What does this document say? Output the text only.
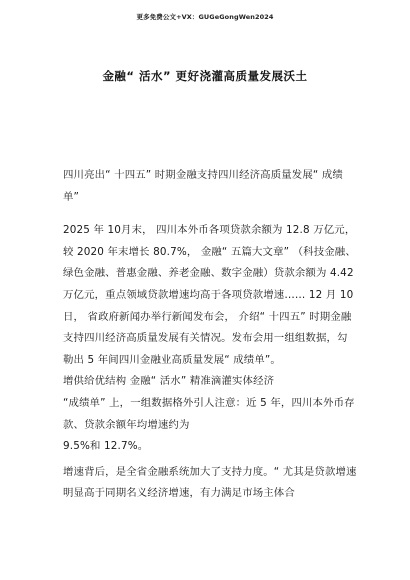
更多免费公文+VX：GUGeGongWen2024
金融“ 活水” 更好浇灌高质量发展沃土

四川亮出“ 十四五” 时期金融支持四川经济高质量发展“ 成绩单”

2025 年 10月末， 四川本外币各项贷款余额为 12.8 万亿元， 较 2020 年末增长 80.7%， 金融“ 五篇大文章” （科技金融、绿色金融、普惠金融、养老金融、数字金融）贷款余额为 4.42 万亿元，重点领域贷款增速均高于各项贷款增速…… 12 月 10 日， 省政府新闻办举行新闻发布会， 介绍“ 十四五” 时期金融支持四川经济高质量发展有关情况。发布会用一组组数据，勾勒出 5 年间四川金融业高质量发展“ 成绩单”。

增供给优结构 金融“ 活水” 精准滴灌实体经济

“成绩单” 上，一组数据格外引人注意：近 5 年，四川本外币存款、贷款余额年均增速约为

9.5%和 12.7%。

增速背后，是全省金融系统加大了支持力度。“ 尤其是贷款增速明显高于同期名义经济增速，有力满足市场主体合
